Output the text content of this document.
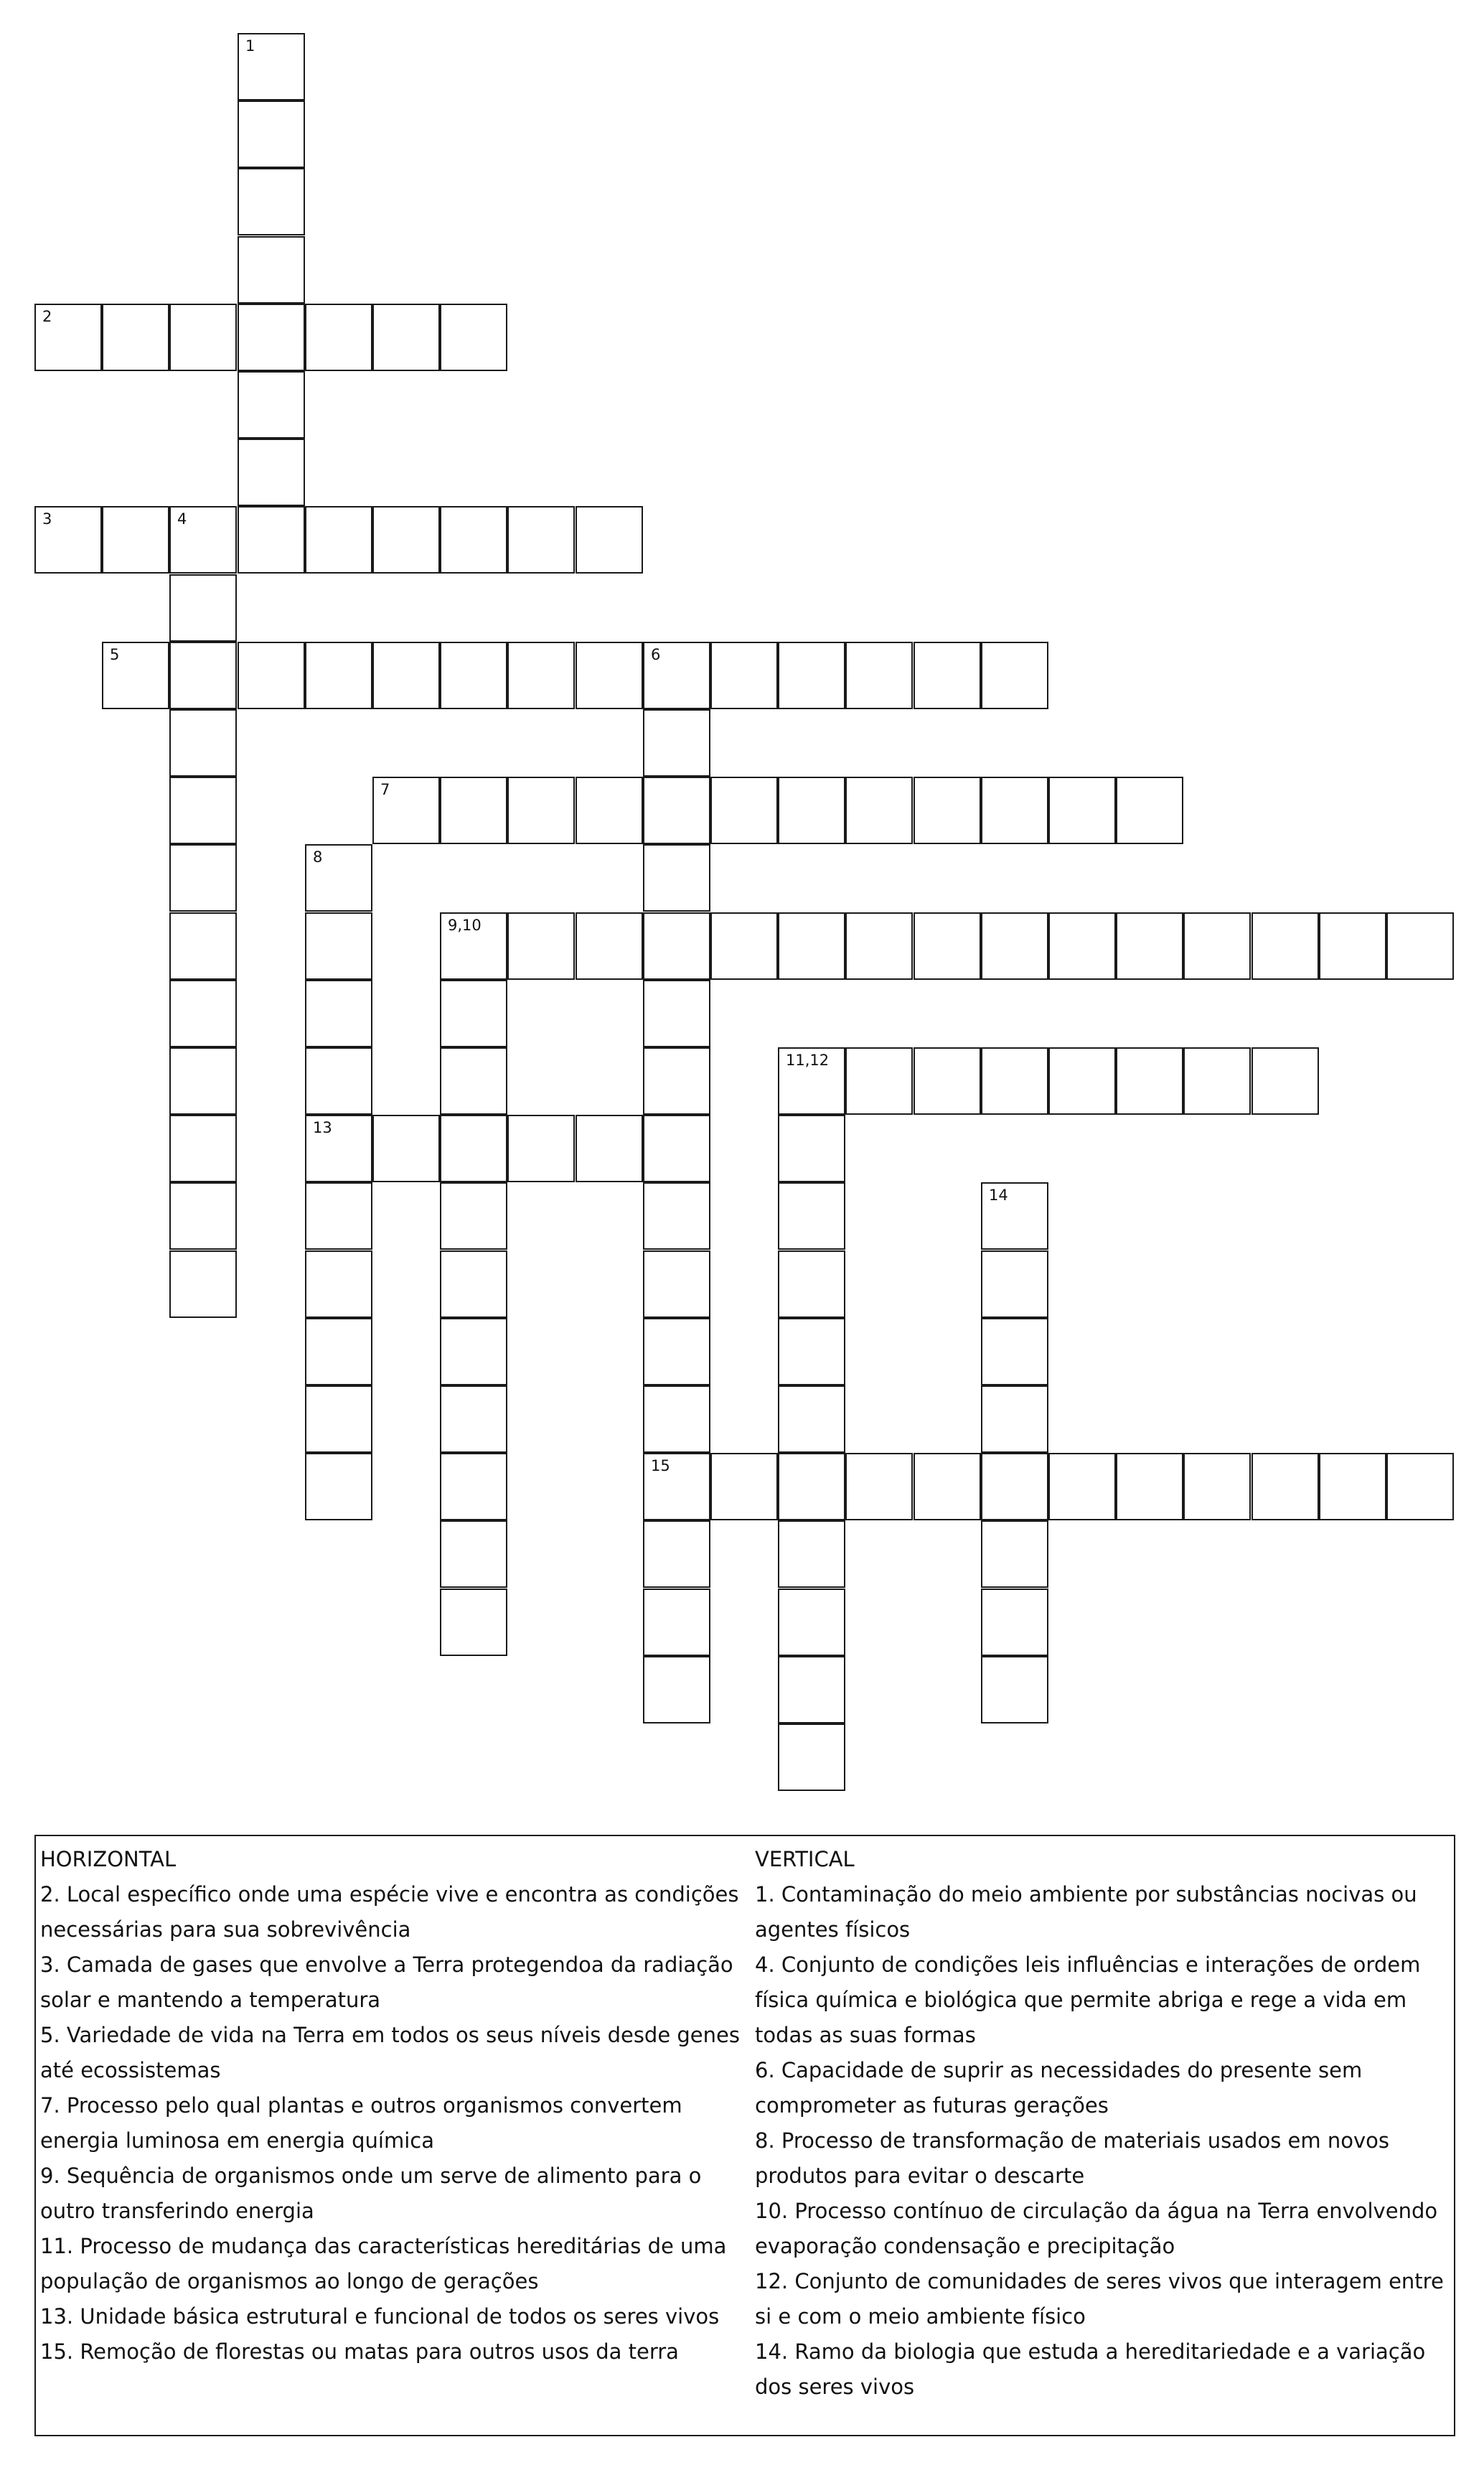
1
2
3	4
5	6
15
7
8
13
9,10
11,12
14
HORIZONTAL
2. Local específico onde uma espécie vive e encontra as condições necessárias para sua sobrevivência
3. Camada de gases que envolve a Terra protegendoa da radiação solar e mantendo a temperatura
5. Variedade de vida na Terra em todos os seus níveis desde genes até ecossistemas
7. Processo pelo qual plantas e outros organismos convertem energia luminosa em energia química
9. Sequência de organismos onde um serve de alimento para o outro transferindo energia
11. Processo de mudança das características hereditárias de uma população de organismos ao longo de gerações
13. Unidade básica estrutural e funcional de todos os seres vivos
15. Remoção de florestas ou matas para outros usos da terra
VERTICAL
1. Contaminação do meio ambiente por substâncias nocivas ou agentes físicos
4. Conjunto de condições leis influências e interações de ordem física química e biológica que permite abriga e rege a vida em todas as suas formas
6. Capacidade de suprir as necessidades do presente sem comprometer as futuras gerações
8. Processo de transformação de materiais usados em novos produtos para evitar o descarte
10. Processo contínuo de circulação da água na Terra envolvendo evaporação condensação e precipitação
12. Conjunto de comunidades de seres vivos que interagem entre si e com o meio ambiente físico
14. Ramo da biologia que estuda a hereditariedade e a variação dos seres vivos
